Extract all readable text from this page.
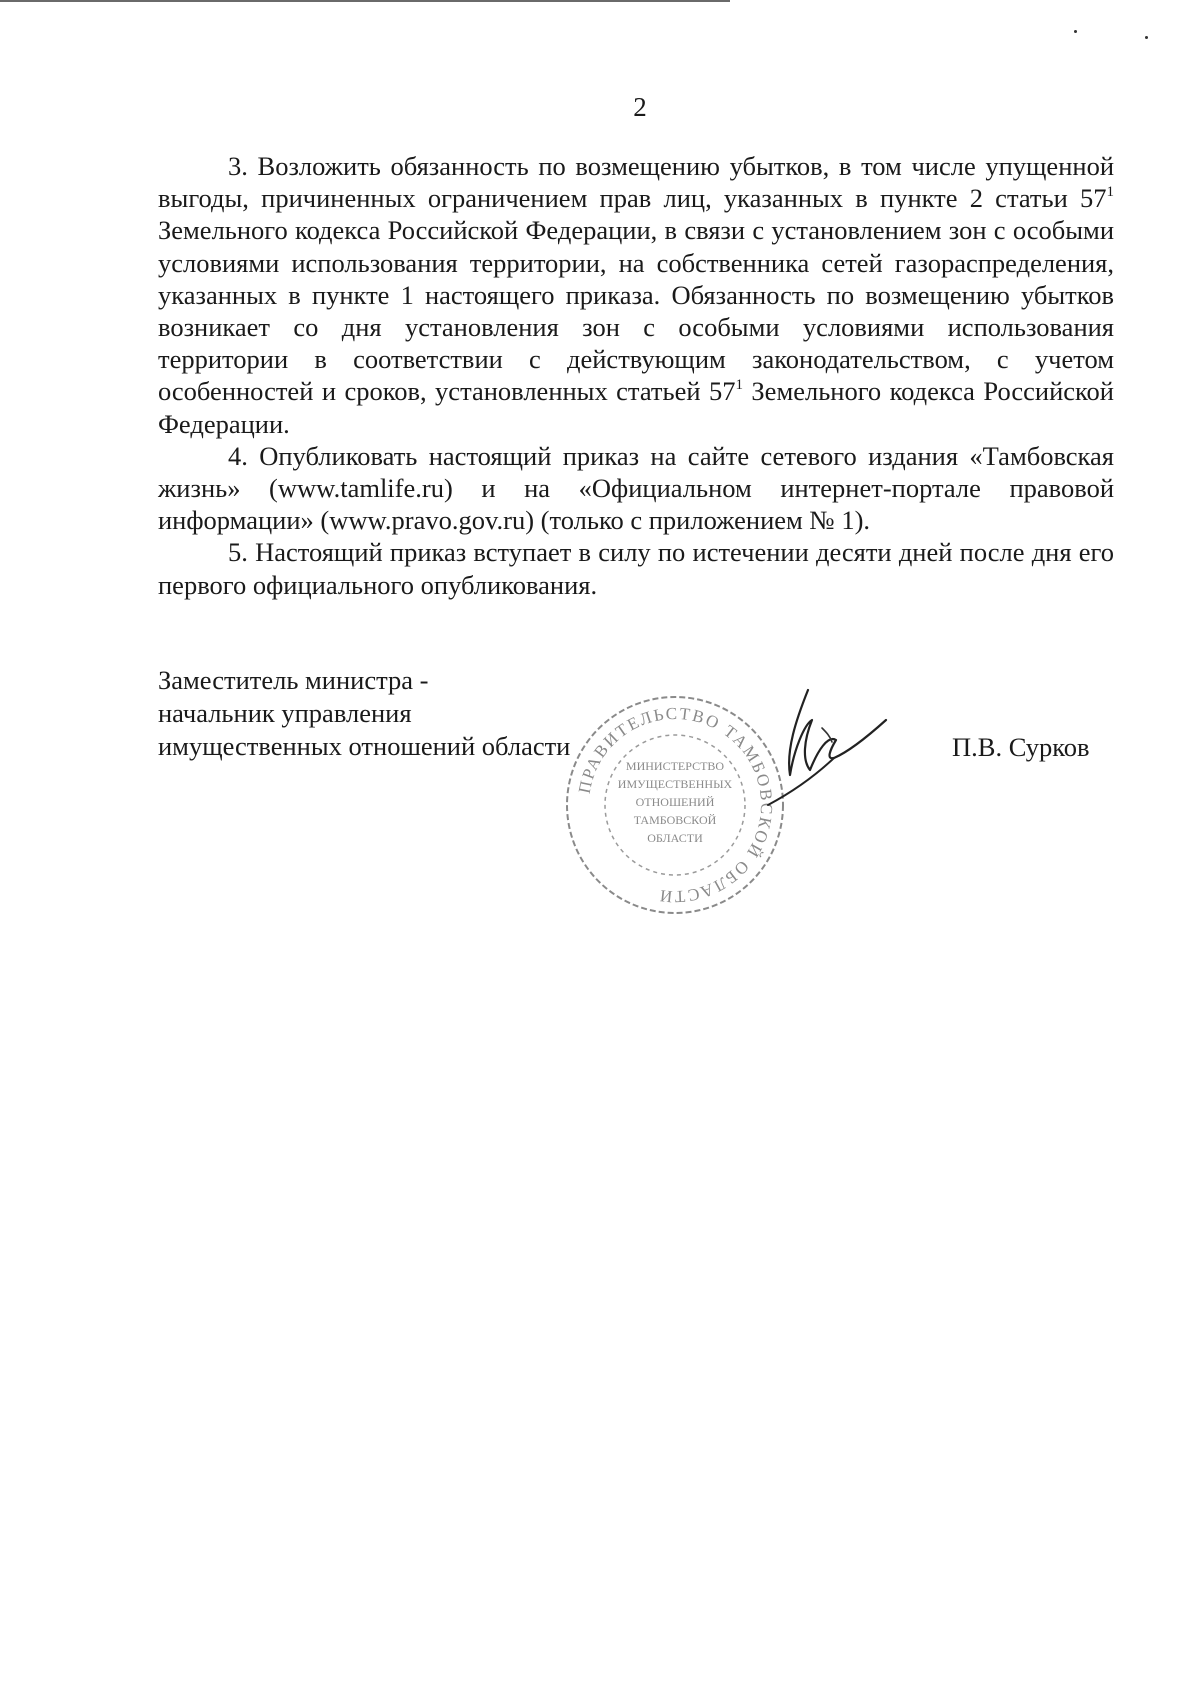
2

3. Возложить обязанность по возмещению убытков, в том числе упущенной выгоды, причиненных ограничением прав лиц, указанных в пункте 2 статьи $57^1$ Земельного кодекса Российской Федерации, в связи с установлением зон с особыми условиями использования территории, на собственника сетей газораспределения, указанных в пункте 1 настоящего приказа. Обязанность по возмещению убытков возникает со дня установления зон с особыми условиями использования территории в соответствии с действующим законодательством, с учетом особенностей и сроков, установленных статьей $57^1$ Земельного кодекса Российской Федерации.

4. Опубликовать настоящий приказ на сайте сетевого издания «Тамбовская жизнь» (www.tamlife.ru) и на «Официальном интернет-портале правовой информации» (www.pravo.gov.ru) (только с приложением № 1).

5. Настоящий приказ вступает в силу по истечении десяти дней после дня его первого официального опубликования.

Заместитель министра -
начальник управления
имущественных отношений области
ПРАВИТЕЛЬСТВО ТАМБОВСКОЙ ОБЛАСТИ
МИНИСТЕРСТВО
ИМУЩЕСТВЕННЫХ
ОТНОШЕНИЙ
ТАМБОВСКОЙ
ОБЛАСТИ
П.В. Сурков
